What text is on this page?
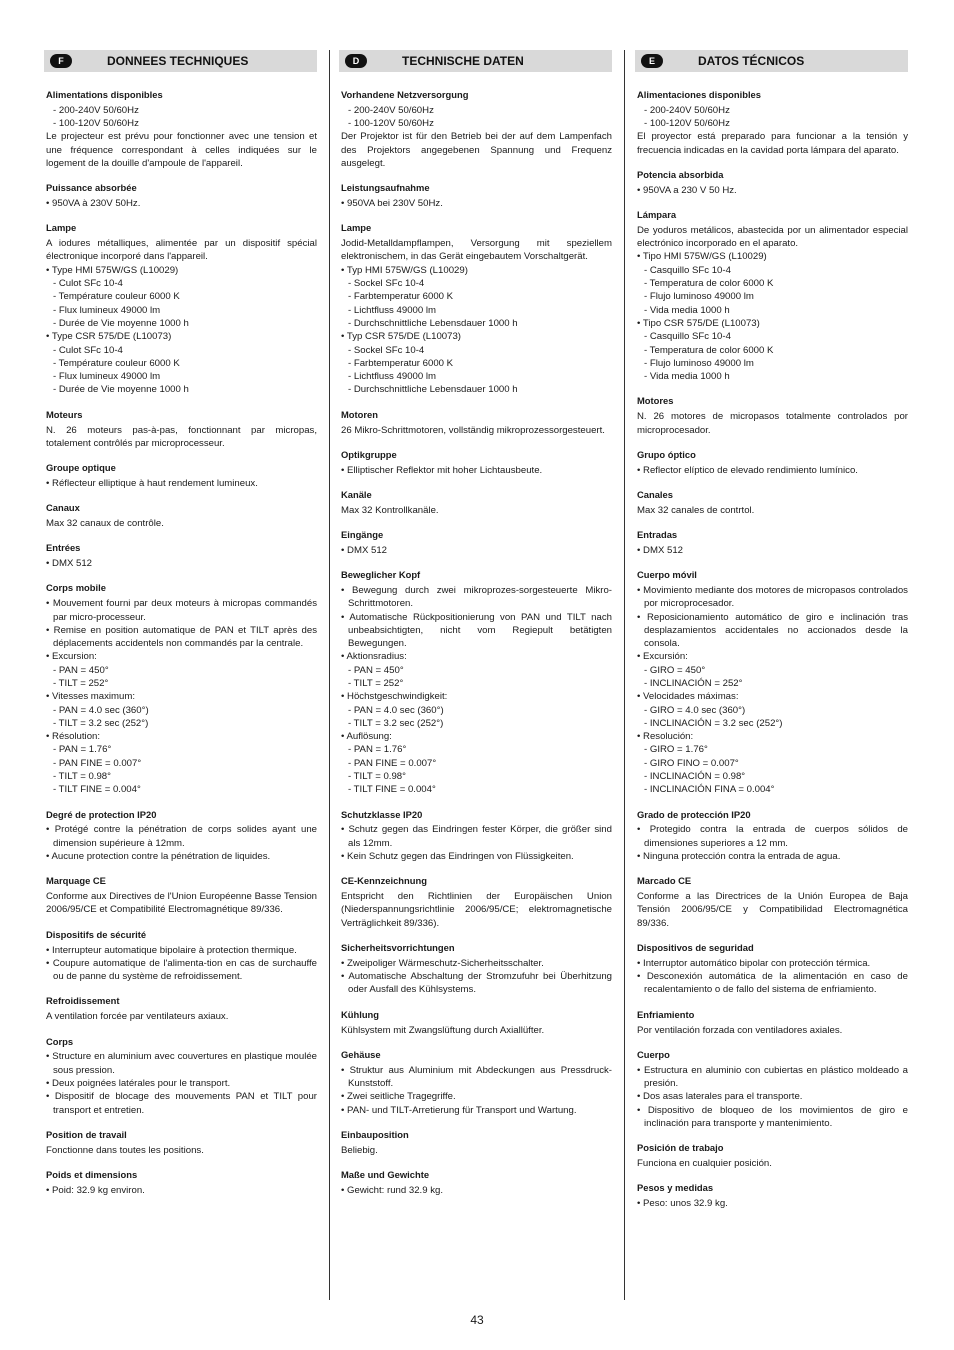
F	DONNEES TECHNIQUES
Alimentations disponibles
- 200-240V 50/60Hz
- 100-120V 50/60Hz
Le projecteur est prévu pour fonctionner avec une tension et une fréquence correspondant à celles indiquées sur le logement de la douille d'ampoule de l'appareil.
Puissance absorbée
• 950VA à 230V 50Hz.
Lampe
A iodures métalliques, alimentée par un dispositif spécial électronique incorporé dans l'appareil.
• Type HMI 575W/GS (L10029)
- Culot SFc 10-4
- Température couleur 6000 K
- Flux lumineux 49000 lm
- Durée de Vie moyenne 1000 h
• Type CSR 575/DE (L10073)
- Culot SFc 10-4
- Température couleur 6000 K
- Flux lumineux 49000 lm
- Durée de Vie moyenne 1000 h
Moteurs
N. 26 moteurs pas-à-pas, fonctionnant par micropas, totalement contrôlés par microprocesseur.
Groupe optique
• Réflecteur elliptique à haut rendement lumineux.
Canaux
Max 32 canaux de contrôle.
Entrées
• DMX 512
Corps mobile
• Mouvement fourni par deux moteurs à micropas commandés par micro-processeur.
• Remise en position automatique de PAN et TILT après des déplacements accidentels non commandés par la centrale.
• Excursion:
- PAN = 450°
- TILT = 252°
• Vitesses maximum:
- PAN = 4.0 sec (360°)
- TILT = 3.2 sec (252°)
• Résolution:
- PAN = 1.76°
- PAN FINE = 0.007°
- TILT = 0.98°
- TILT FINE = 0.004°
Degré de protection IP20
• Protégé contre la pénétration de corps solides ayant une dimension supérieure à 12mm.
• Aucune protection contre la pénétration de liquides.
Marquage CE
Conforme aux Directives de l'Union Européenne Basse Tension 2006/95/CE et Compatibilité Electromagnétique 89/336.
Dispositifs de sécurité
• Interrupteur automatique bipolaire à protection thermique.
• Coupure automatique de l'alimenta-tion en cas de surchauffe ou de panne du système de refroidissement.
Refroidissement
A ventilation forcée par ventilateurs axiaux.
Corps
• Structure en aluminium avec couvertures en plastique moulée sous pression.
• Deux poignées latérales pour le transport.
• Dispositif de blocage des mouvements PAN et TILT pour transport et entretien.
Position de travail
Fonctionne dans toutes les positions.
Poids et dimensions
• Poid: 32.9 kg environ.
D	TECHNISCHE DATEN
Vorhandene Netzversorgung
- 200-240V 50/60Hz
- 100-120V 50/60Hz
Der Projektor ist für den Betrieb bei der auf dem Lampenfach des Projektors angegebenen Spannung und Frequenz ausgelegt.
Leistungsaufnahme
• 950VA bei 230V 50Hz.
Lampe
Jodid-Metalldampflampen, Versorgung mit speziellem elektronischem, in das Gerät eingebautem Vorschaltgerät.
• Typ HMI 575W/GS (L10029)
- Sockel SFc 10-4
- Farbtemperatur 6000 K
- Lichtfluss 49000 lm
- Durchschnittliche Lebensdauer 1000 h
• Typ CSR 575/DE (L10073)
- Sockel SFc 10-4
- Farbtemperatur 6000 K
- Lichtfluss 49000 lm
- Durchschnittliche Lebensdauer 1000 h
Motoren
26 Mikro-Schrittmotoren, vollständig mikroprozessorgesteuert.
Optikgruppe
• Elliptischer Reflektor mit hoher Lichtausbeute.
Kanäle
Max 32 Kontrollkanäle.
Eingänge
• DMX 512
Beweglicher Kopf
• Bewegung durch zwei mikroprozes-sorgesteuerte Mikro-Schrittmotoren.
• Automatische Rückpositionierung von PAN und TILT nach unbeabsichtigten, nicht vom Regiepult betätigten Bewegungen.
• Aktionsradius:
- PAN = 450°
- TILT = 252°
• Höchstgeschwindigkeit:
- PAN = 4.0 sec (360°)
- TILT = 3.2 sec (252°)
• Auflösung:
- PAN = 1.76°
- PAN FINE = 0.007°
- TILT = 0.98°
- TILT FINE = 0.004°
Schutzklasse IP20
• Schutz gegen das Eindringen fester Körper, die größer sind als 12mm.
• Kein Schutz gegen das Eindringen von Flüssigkeiten.
CE-Kennzeichnung
Entspricht den Richtlinien der Europäischen Union (Niederspannungsrichtlinie 2006/95/CE; elektromagnetische Verträglichkeit 89/336).
Sicherheitsvorrichtungen
• Zweipoliger Wärmeschutz-Sicherheitsschalter.
• Automatische Abschaltung der Stromzufuhr bei Überhitzung oder Ausfall des Kühlsystems.
Kühlung
Kühlsystem mit Zwangslüftung durch Axiallüfter.
Gehäuse
• Struktur aus Aluminium mit Abdeckungen aus Pressdruck-Kunststoff.
• Zwei seitliche Tragegriffe.
• PAN- und TILT-Arretierung für Transport und Wartung.
Einbauposition
Beliebig.
Maße und Gewichte
• Gewicht: rund 32.9 kg.
E	DATOS TÉCNICOS
Alimentaciones disponibles
- 200-240V 50/60Hz
- 100-120V 50/60Hz
El proyector está preparado para funcionar a la tensión y frecuencia indicadas en la cavidad porta lámpara del aparato.
Potencia absorbida
• 950VA a 230 V 50 Hz.
Lámpara
De yoduros metálicos, abastecida por un alimentador especial electrónico incorporado en el aparato.
• Tipo HMI 575W/GS (L10029)
- Casquillo SFc 10-4
- Temperatura de color 6000 K
- Flujo luminoso 49000 lm
- Vida media 1000 h
• Tipo CSR 575/DE (L10073)
- Casquillo SFc 10-4
- Temperatura de color 6000 K
- Flujo luminoso 49000 lm
- Vida media 1000 h
Motores
N. 26 motores de micropasos totalmente controlados por microprocesador.
Grupo óptico
• Reflector elíptico de elevado rendimiento lumínico.
Canales
Max 32 canales de contrtol.
Entradas
• DMX 512
Cuerpo móvil
• Movimiento mediante dos motores de micropasos controlados por microprocesador.
• Reposicionamiento automático de giro e inclinación tras desplazamientos accidentales no accionados desde la consola.
• Excursión:
- GIRO = 450°
- INCLINACIÓN = 252°
• Velocidades máximas:
- GIRO = 4.0 sec (360°)
- INCLINACIÓN = 3.2 sec (252°)
• Resolución:
- GIRO = 1.76°
- GIRO FINO = 0.007°
- INCLINACIÓN = 0.98°
- INCLINACIÓN FINA = 0.004°
Grado de protección IP20
• Protegido contra la entrada de cuerpos sólidos de dimensiones superiores a 12 mm.
• Ninguna protección contra la entrada de agua.
Marcado CE
Conforme a las Directrices de la Unión Europea de Baja Tensión 2006/95/CE y Compatibilidad Electromagnética 89/336.
Dispositivos de seguridad
• Interruptor automático bipolar con protección térmica.
• Desconexión automática de la alimentación en caso de recalentamiento o de fallo del sistema de enfriamiento.
Enfriamiento
Por ventilación forzada con ventiladores axiales.
Cuerpo
• Estructura en aluminio con cubiertas en plástico moldeado a presión.
• Dos asas laterales para el transporte.
• Dispositivo de bloqueo de los movimientos de giro e inclinación para transporte y mantenimiento.
Posición de trabajo
Funciona en cualquier posición.
Pesos y medidas
• Peso: unos 32.9 kg.
43
